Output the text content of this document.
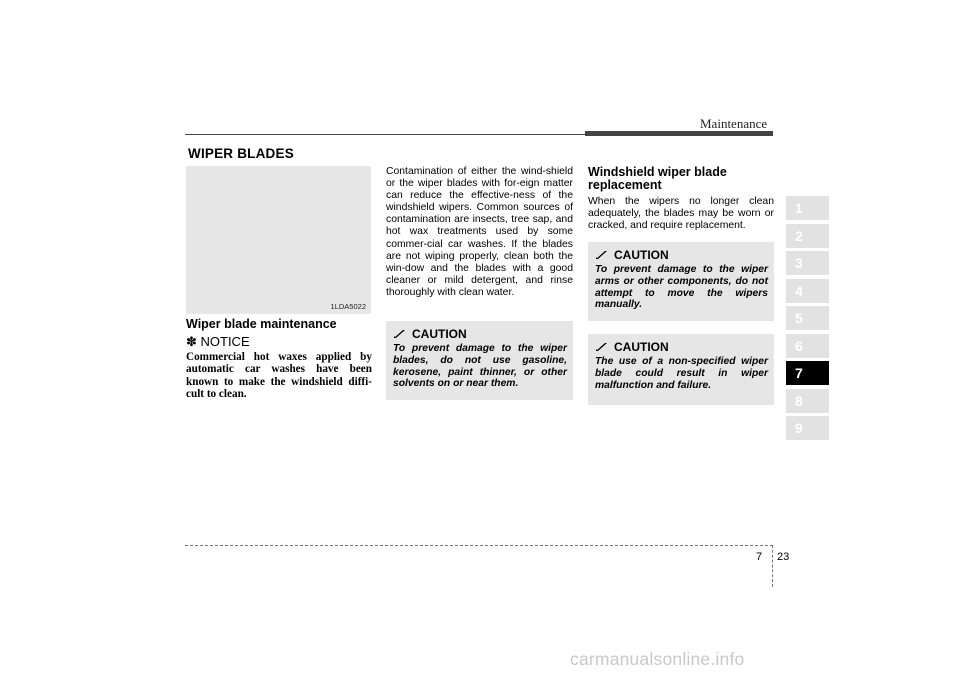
Maintenance
WIPER BLADES
1LDA5022
Wiper blade maintenance
✽ NOTICE
Commercial hot waxes applied by automatic car washes have been known to make the windshield diffi-cult to clean.
Contamination of either the wind-shield or the wiper blades with for-eign matter can reduce the effective-ness of the windshield wipers. Common sources of contamination are insects, tree sap, and hot wax treatments used by some commer-cial car washes. If the blades are not wiping properly, clean both the win-dow and the blades with a good cleaner or mild detergent, and rinse thoroughly with clean water.
CAUTION
To prevent damage to the wiper blades, do not use gasoline, kerosene, paint thinner, or other solvents on or near them.
Windshield wiper blade replacement
When the wipers no longer clean adequately, the blades may be worn or cracked, and require replacement.
CAUTION
To prevent damage to the wiper arms or other components, do not attempt to move the wipers manually.
CAUTION
The use of a non-specified wiper blade could result in wiper malfunction and failure.
1
2
3
4
5
6
7
8
9
7 23
carmanualsonline.info
